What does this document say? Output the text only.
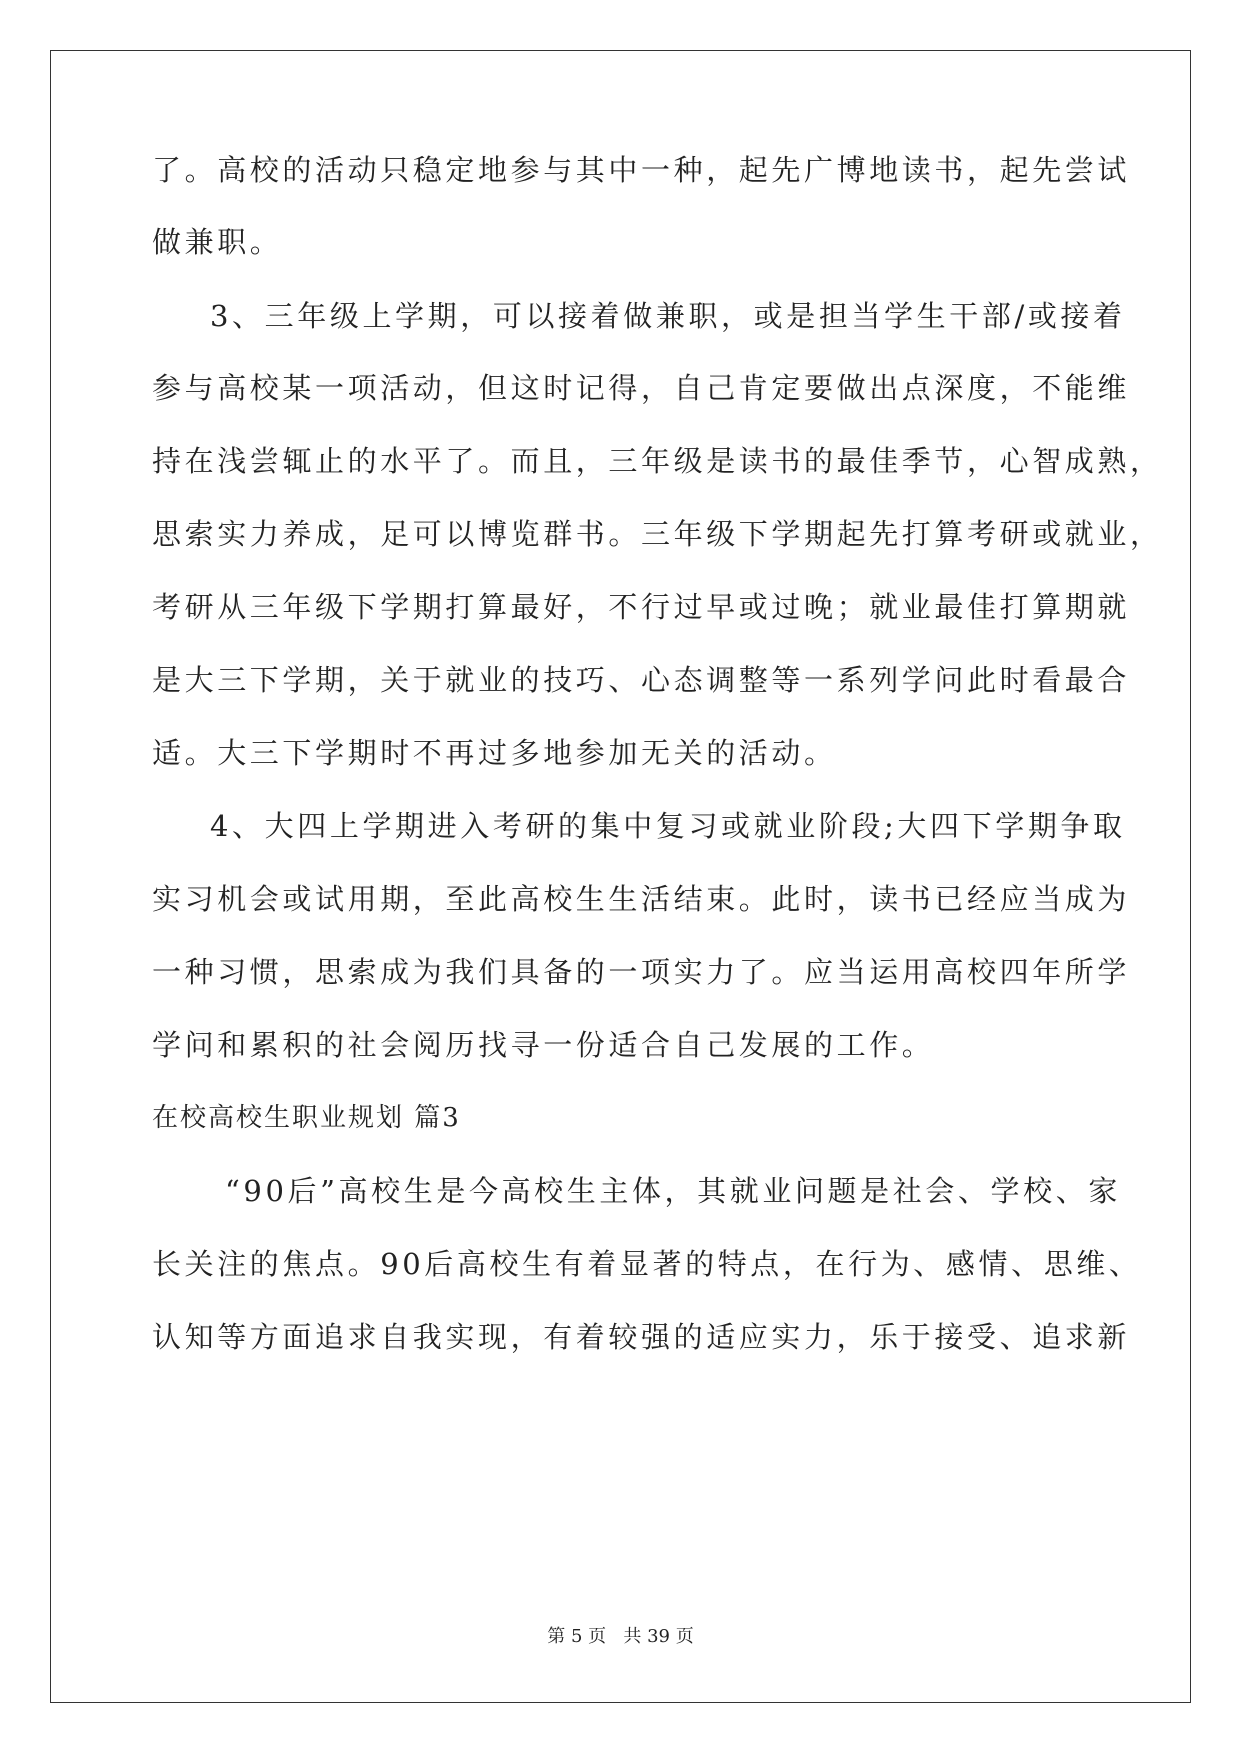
了。高校的活动只稳定地参与其中一种，起先广博地读书，起先尝试
做兼职。
3、三年级上学期，可以接着做兼职，或是担当学生干部/或接着
参与高校某一项活动，但这时记得，自己肯定要做出点深度，不能维
持在浅尝辄止的水平了。而且，三年级是读书的最佳季节，心智成熟，
思索实力养成，足可以博览群书。三年级下学期起先打算考研或就业，
考研从三年级下学期打算最好，不行过早或过晚；就业最佳打算期就
是大三下学期，关于就业的技巧、心态调整等一系列学问此时看最合
适。大三下学期时不再过多地参加无关的活动。
4、大四上学期进入考研的集中复习或就业阶段;大四下学期争取
实习机会或试用期，至此高校生生活结束。此时，读书已经应当成为
一种习惯，思索成为我们具备的一项实力了。应当运用高校四年所学
学问和累积的社会阅历找寻一份适合自己发展的工作。
在校高校生职业规划 篇3
“90后”高校生是今高校生主体，其就业问题是社会、学校、家
长关注的焦点。90后高校生有着显著的特点，在行为、感情、思维、
认知等方面追求自我实现，有着较强的适应实力，乐于接受、追求新
第 5 页   共 39 页
